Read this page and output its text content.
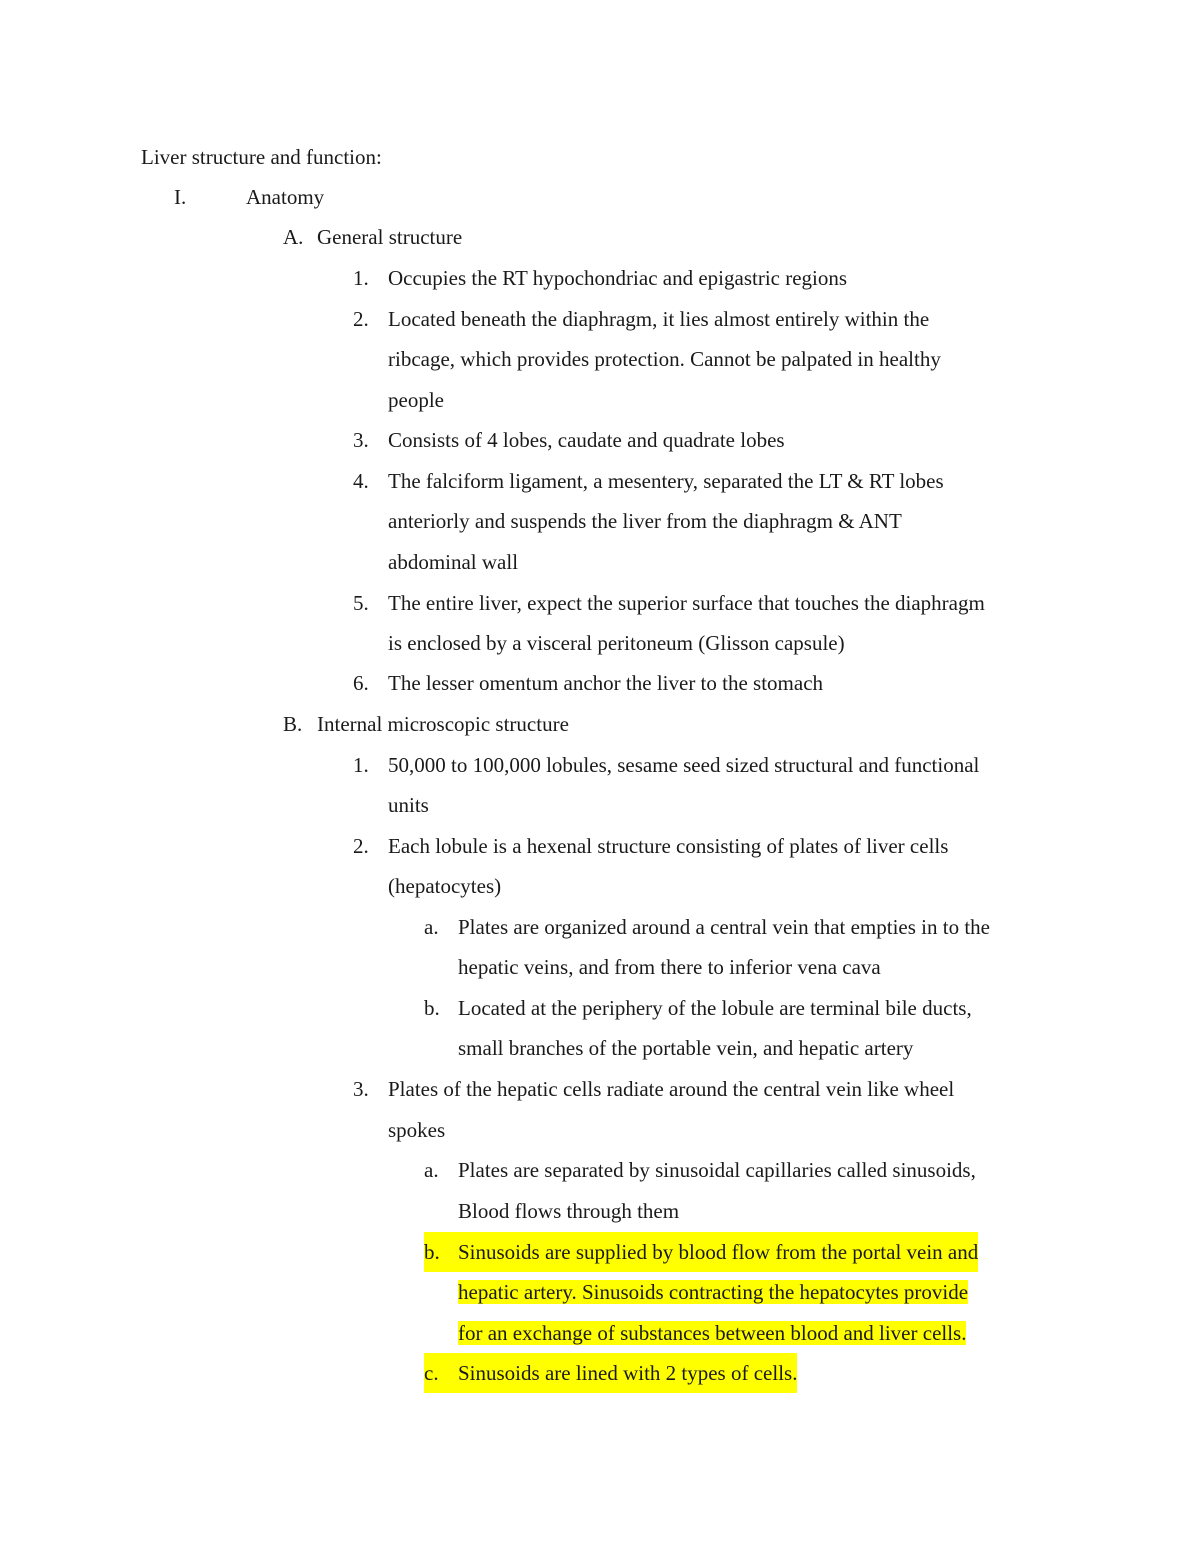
Liver structure and function:
I.	Anatomy
A. General structure
1. Occupies the RT hypochondriac and epigastric regions
2. Located beneath the diaphragm, it lies almost entirely within the
ribcage, which provides protection. Cannot be palpated in healthy
people
3. Consists of 4 lobes, caudate and quadrate lobes
4. The falciform ligament, a mesentery, separated the LT & RT lobes
anteriorly and suspends the liver from the diaphragm & ANT
abdominal wall
5. The entire liver, expect the superior surface that touches the diaphragm
is enclosed by a visceral peritoneum (Glisson capsule)
6. The lesser omentum anchor the liver to the stomach
B. Internal microscopic structure
1. 50,000 to 100,000 lobules, sesame seed sized structural and functional
units
2. Each lobule is a hexenal structure consisting of plates of liver cells
(hepatocytes)
a. Plates are organized around a central vein that empties in to the
hepatic veins, and from there to inferior vena cava
b. Located at the periphery of the lobule are terminal bile ducts,
small branches of the portable vein, and hepatic artery
3. Plates of the hepatic cells radiate around the central vein like wheel
spokes
a. Plates are separated by sinusoidal capillaries called sinusoids,
Blood flows through them
b. Sinusoids are supplied by blood flow from the portal vein and
hepatic artery. Sinusoids contracting the hepatocytes provide
for an exchange of substances between blood and liver cells.
c. Sinusoids are lined with 2 types of cells.
